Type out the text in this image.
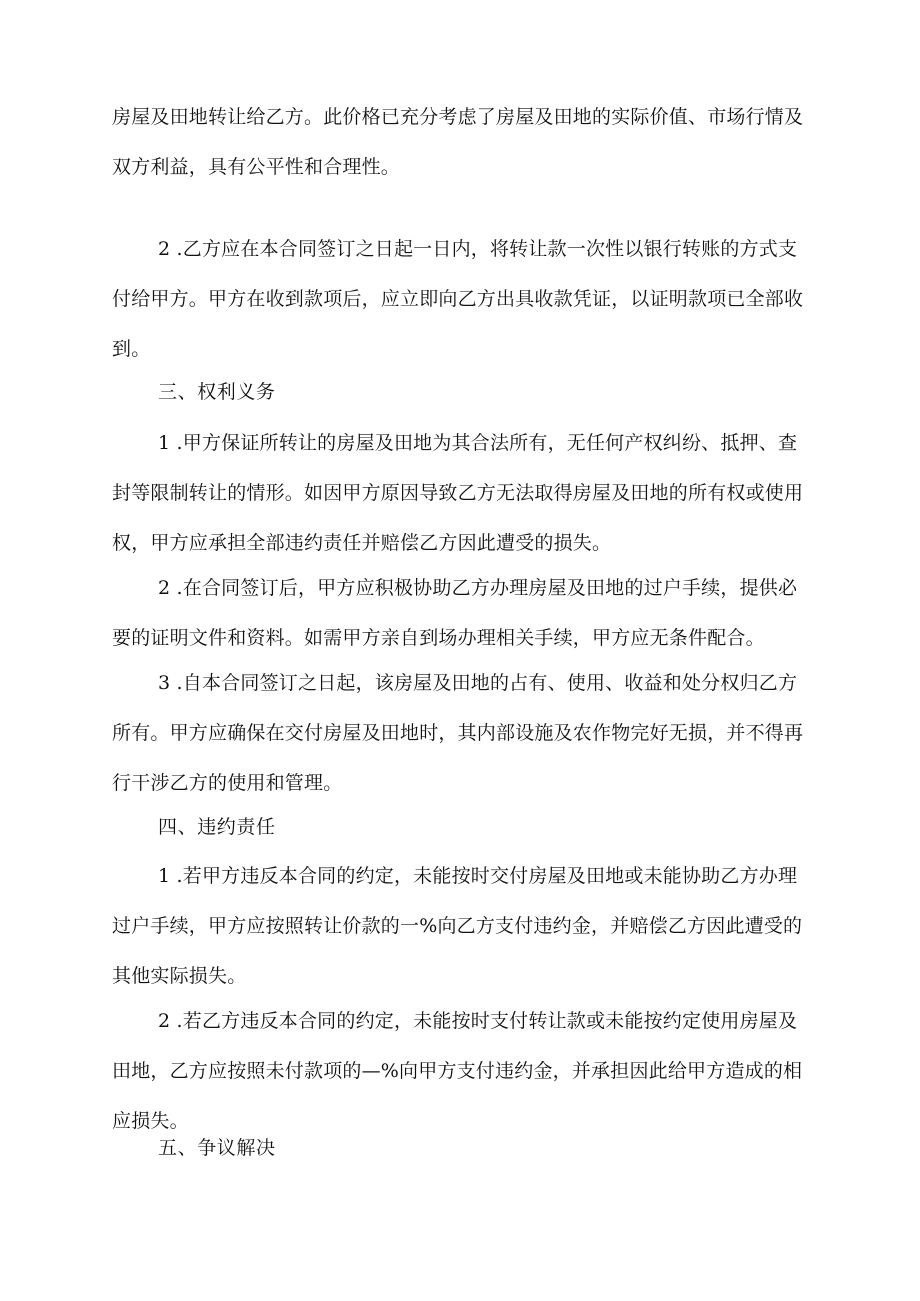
房屋及田地转让给乙方。此价格已充分考虑了房屋及田地的实际价值、市场行情及双方利益，具有公平性和合理性。

2 .乙方应在本合同签订之日起一日内，将转让款一次性以银行转账的方式支付给甲方。甲方在收到款项后，应立即向乙方出具收款凭证，以证明款项已全部收到。

三、权利义务

1 .甲方保证所转让的房屋及田地为其合法所有，无任何产权纠纷、抵押、查封等限制转让的情形。如因甲方原因导致乙方无法取得房屋及田地的所有权或使用权，甲方应承担全部违约责任并赔偿乙方因此遭受的损失。

2 .在合同签订后，甲方应积极协助乙方办理房屋及田地的过户手续，提供必要的证明文件和资料。如需甲方亲自到场办理相关手续，甲方应无条件配合。

3 .自本合同签订之日起，该房屋及田地的占有、使用、收益和处分权归乙方所有。甲方应确保在交付房屋及田地时，其内部设施及农作物完好无损，并不得再行干涉乙方的使用和管理。

四、违约责任

1 .若甲方违反本合同的约定，未能按时交付房屋及田地或未能协助乙方办理过户手续，甲方应按照转让价款的一%向乙方支付违约金，并赔偿乙方因此遭受的其他实际损失。

2 .若乙方违反本合同的约定，未能按时支付转让款或未能按约定使用房屋及田地，乙方应按照未付款项的—%向甲方支付违约金，并承担因此给甲方造成的相应损失。

五、争议解决
